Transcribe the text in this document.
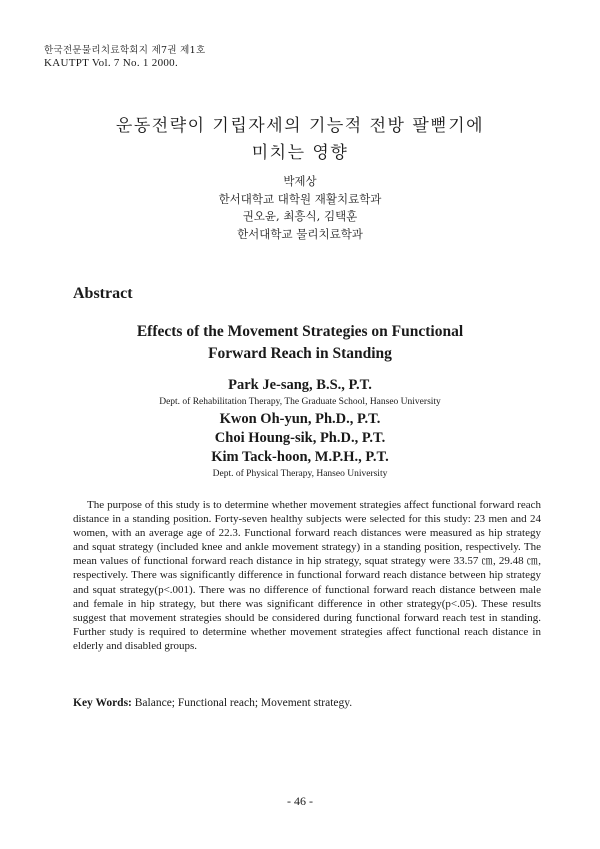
한국전문물리치료학회지 제7권 제1호
KAUTPT Vol. 7 No. 1 2000.
운동전략이 기립자세의 기능적 전방 팔뻗기에
미치는 영향
박제상
한서대학교 대학원 재활치료학과
권오윤, 최흥식, 김택훈
한서대학교 물리치료학과
Abstract
Effects of the Movement Strategies on Functional
Forward Reach in Standing
Park Je-sang, B.S., P.T.
Dept. of Rehabilitation Therapy, The Graduate School, Hanseo University
Kwon Oh-yun, Ph.D., P.T.
Choi Houng-sik, Ph.D., P.T.
Kim Tack-hoon, M.P.H., P.T.
Dept. of Physical Therapy, Hanseo University

The purpose of this study is to determine whether movement strategies affect functional forward reach distance in a standing position. Forty-seven healthy subjects were selected for this study: 23 men and 24 women, with an average age of 22.3. Functional forward reach distances were measured as hip strategy and squat strategy (included knee and ankle movement strategy) in a standing position, respectively. The mean values of functional forward reach distance in hip strategy, squat strategy were 33.57 ㎝, 29.48 ㎝, respectively. There was significantly difference in functional forward reach distance between hip strategy and squat strategy(p<.001). There was no difference of functional forward reach distance between male and female in hip strategy, but there was significant difference in other strategy(p<.05). These results suggest that movement strategies should be considered during functional forward reach test in standing. Further study is required to determine whether movement strategies affect functional reach distance in elderly and disabled groups.

Key Words: Balance; Functional reach; Movement strategy.
- 46 -
